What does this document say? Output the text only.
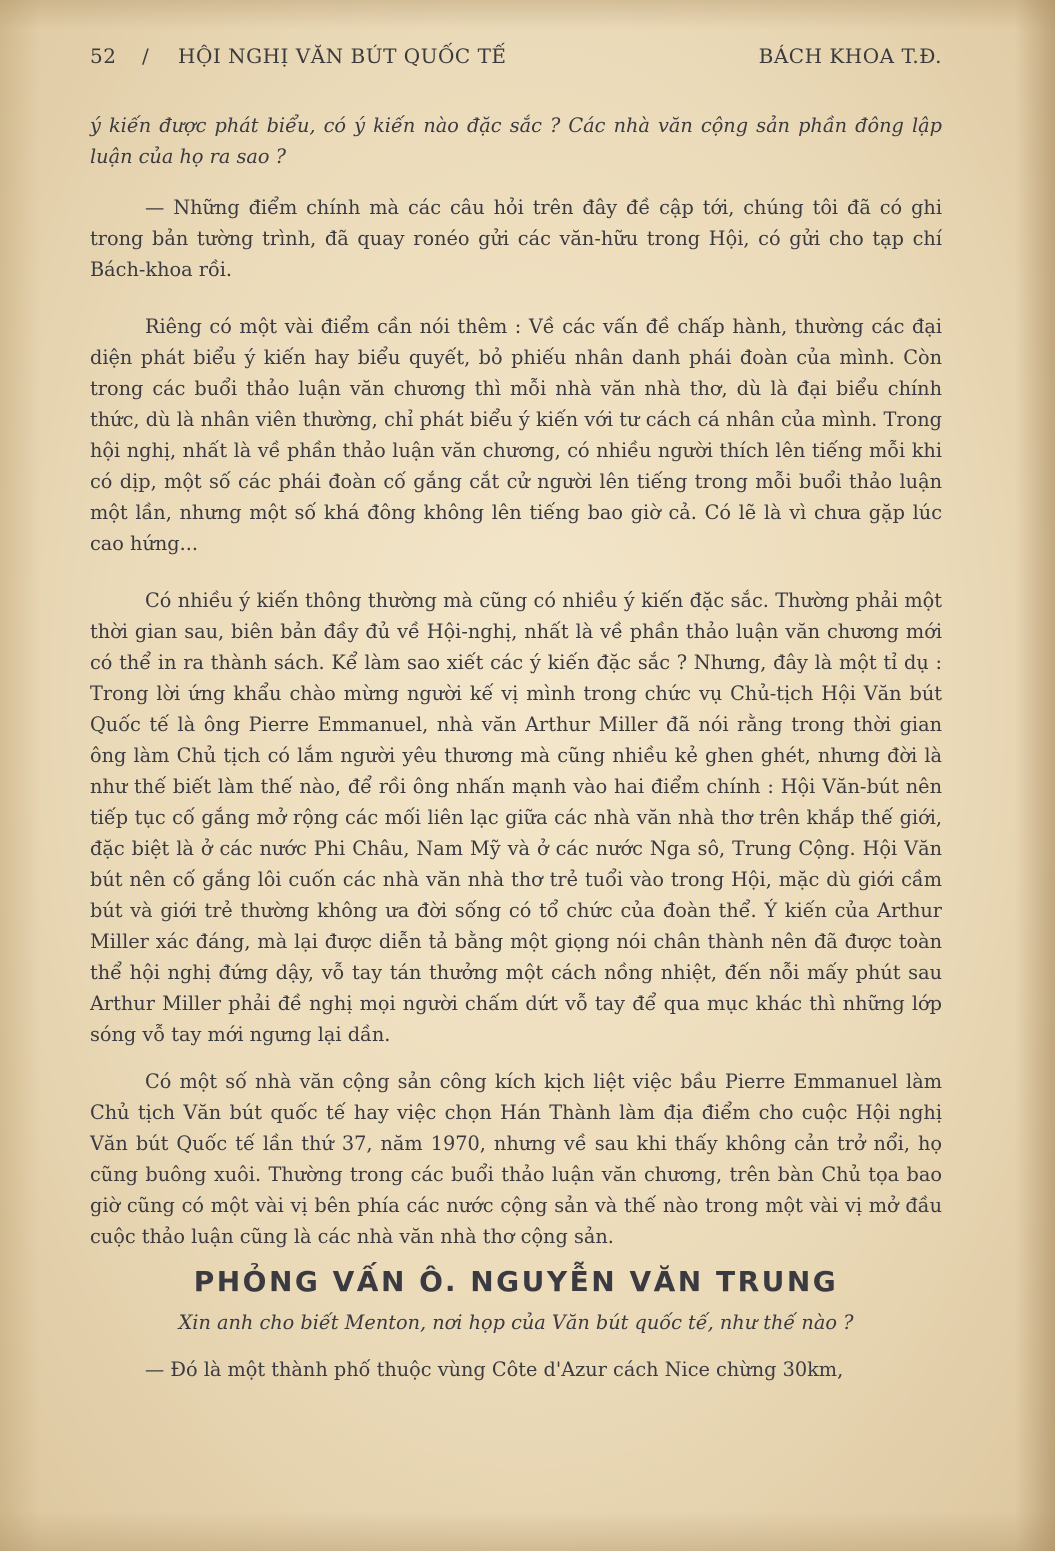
52 / HỘI NGHỊ VĂN BÚT QUỐC TẾ	BÁCH KHOA T.Đ.

ý kiến được phát biểu, có ý kiến nào đặc sắc ? Các nhà văn cộng sản phần đông lập luận của họ ra sao ?

— Những điểm chính mà các câu hỏi trên đây đề cập tới, chúng tôi đã có ghi trong bản tường trình, đã quay ronéo gửi các văn-hữu trong Hội, có gửi cho tạp chí Bách-khoa rồi.

Riêng có một vài điểm cần nói thêm : Về các vấn đề chấp hành, thường các đại diện phát biểu ý kiến hay biểu quyết, bỏ phiếu nhân danh phái đoàn của mình. Còn trong các buổi thảo luận văn chương thì mỗi nhà văn nhà thơ, dù là đại biểu chính thức, dù là nhân viên thường, chỉ phát biểu ý kiến với tư cách cá nhân của mình. Trong hội nghị, nhất là về phần thảo luận văn chương, có nhiều người thích lên tiếng mỗi khi có dịp, một số các phái đoàn cố gắng cắt cử người lên tiếng trong mỗi buổi thảo luận một lần, nhưng một số khá đông không lên tiếng bao giờ cả. Có lẽ là vì chưa gặp lúc cao hứng...

Có nhiều ý kiến thông thường mà cũng có nhiều ý kiến đặc sắc. Thường phải một thời gian sau, biên bản đầy đủ về Hội-nghị, nhất là về phần thảo luận văn chương mới có thể in ra thành sách. Kể làm sao xiết các ý kiến đặc sắc ? Nhưng, đây là một tỉ dụ : Trong lời ứng khẩu chào mừng người kế vị mình trong chức vụ Chủ-tịch Hội Văn bút Quốc tế là ông Pierre Emmanuel, nhà văn Arthur Miller đã nói rằng trong thời gian ông làm Chủ tịch có lắm người yêu thương mà cũng nhiều kẻ ghen ghét, nhưng đời là như thế biết làm thế nào, để rồi ông nhấn mạnh vào hai điểm chính : Hội Văn-bút nên tiếp tục cố gắng mở rộng các mối liên lạc giữa các nhà văn nhà thơ trên khắp thế giới, đặc biệt là ở các nước Phi Châu, Nam Mỹ và ở các nước Nga sô, Trung Cộng. Hội Văn bút nên cố gắng lôi cuốn các nhà văn nhà thơ trẻ tuổi vào trong Hội, mặc dù giới cầm bút và giới trẻ thường không ưa đời sống có tổ chức của đoàn thể. Ý kiến của Arthur Miller xác đáng, mà lại được diễn tả bằng một giọng nói chân thành nên đã được toàn thể hội nghị đứng dậy, vỗ tay tán thưởng một cách nồng nhiệt, đến nỗi mấy phút sau Arthur Miller phải đề nghị mọi người chấm dứt vỗ tay để qua mục khác thì những lớp sóng vỗ tay mới ngưng lại dần.

Có một số nhà văn cộng sản công kích kịch liệt việc bầu Pierre Emmanuel làm Chủ tịch Văn bút quốc tế hay việc chọn Hán Thành làm địa điểm cho cuộc Hội nghị Văn bút Quốc tế lần thứ 37, năm 1970, nhưng về sau khi thấy không cản trở nổi, họ cũng buông xuôi. Thường trong các buổi thảo luận văn chương, trên bàn Chủ tọa bao giờ cũng có một vài vị bên phía các nước cộng sản và thế nào trong một vài vị mở đầu cuộc thảo luận cũng là các nhà văn nhà thơ cộng sản.

PHỎNG VẤN Ô. NGUYỄN VĂN TRUNG

Xin anh cho biết Menton, nơi họp của Văn bút quốc tế, như thế nào ?

— Đó là một thành phố thuộc vùng Côte d'Azur cách Nice chừng 30km,
